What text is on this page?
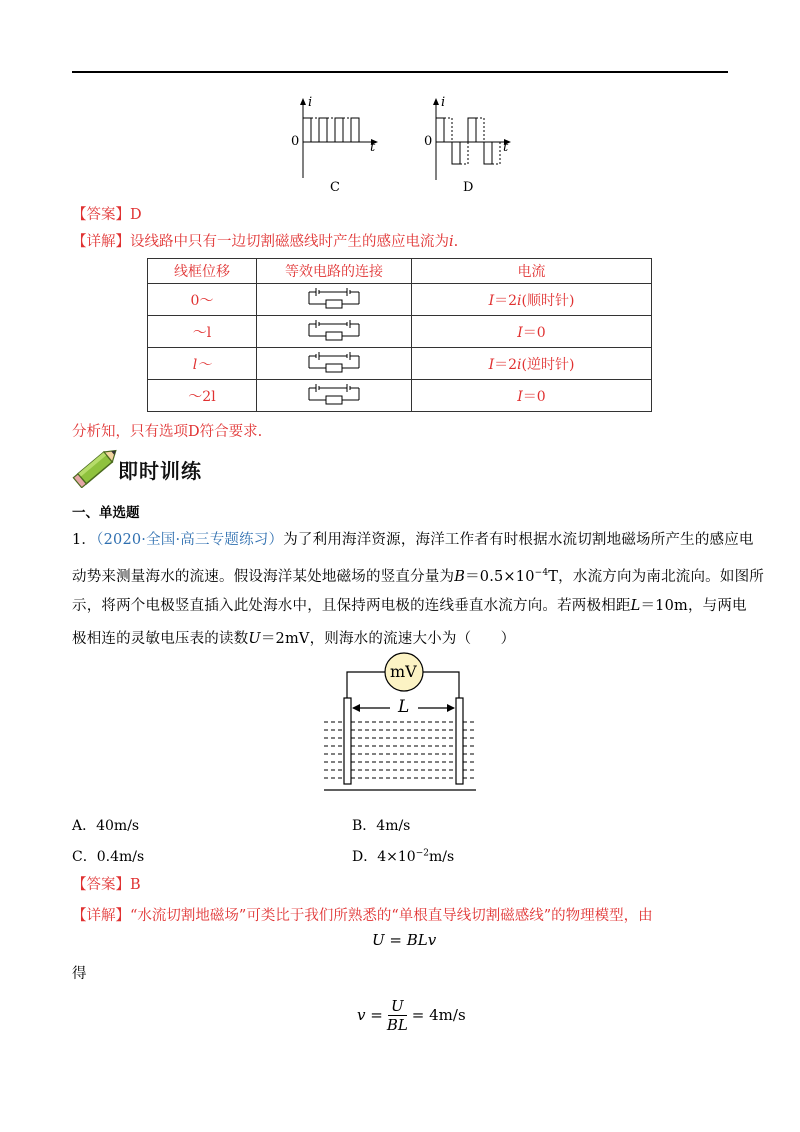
i
t
0
C
i
t
0
D
【答案】D
【详解】设线路中只有一边切割磁感线时产生的感应电流为i.
线框位移	等效电路的连接	电流
0～		I＝2i(顺时针)
～l		I＝0
l～		I＝2i(逆时针)
～2l		I＝0
分析知，只有选项D符合要求.
即时训练
一、单选题
1．（2020·全国·高三专题练习）为了利用海洋资源，海洋工作者有时根据水流切割地磁场所产生的感应电
动势来测量海水的流速。假设海洋某处地磁场的竖直分量为$B=0.5\times 10^{-4}T$，水流方向为南北流向。如图所
示，将两个电极竖直插入此处海水中，且保持两电极的连线垂直水流方向。若两极相距L＝10m，与两电
极相连的灵敏电压表的读数U＝2mV，则海水的流速大小为（　　）
mV
L
A．40m/s	B．4m/s
C．0.4m/s	D．$4\times 10^{-2}m/s$
【答案】B
【详解】“水流切割地磁场”可类比于我们所熟悉的“单根直导线切割磁感线”的物理模型，由
U = BLv
得
$v = \frac{U}{BL} = 4m/s$
